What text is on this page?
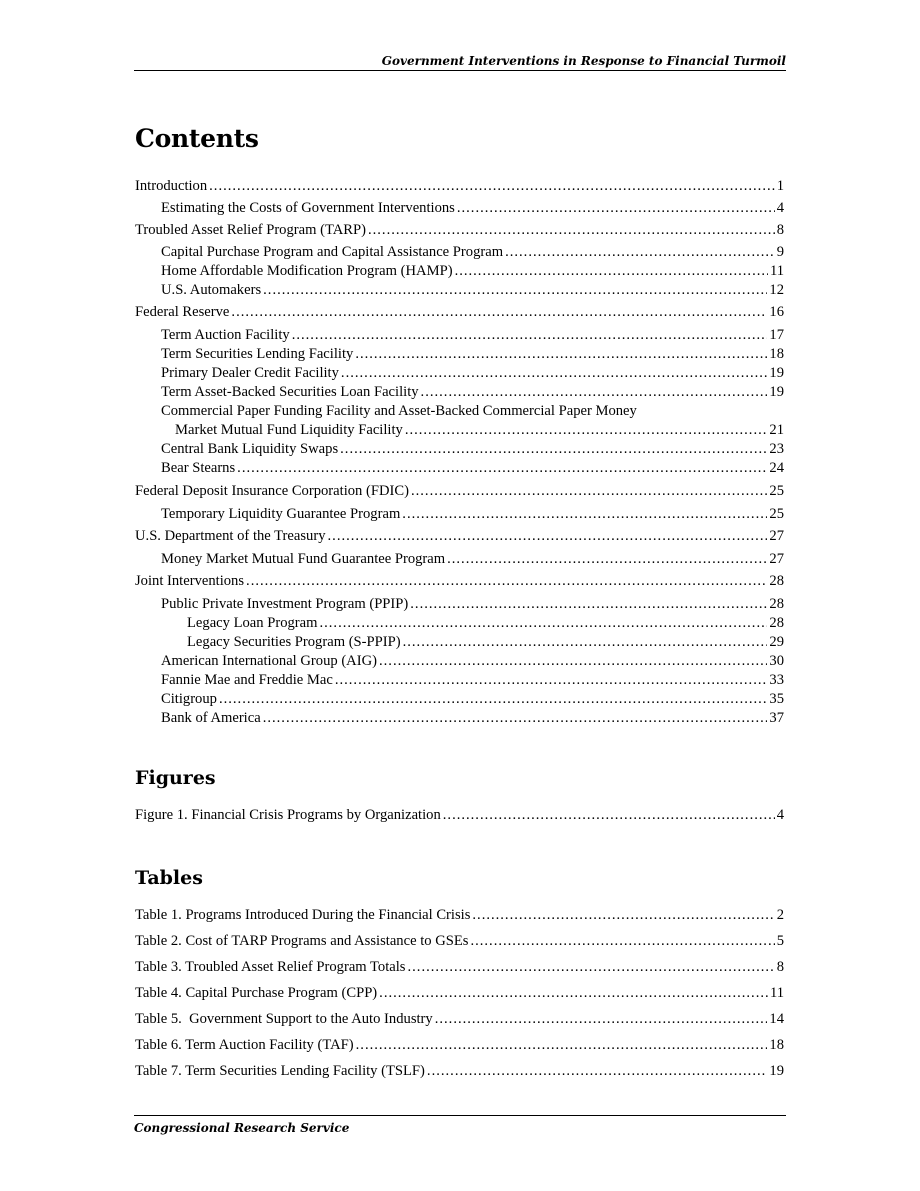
Government Interventions in Response to Financial Turmoil
Contents
Introduction .....	1
Estimating the Costs of Government Interventions .....	4
Troubled Asset Relief Program (TARP) .....	8
Capital Purchase Program and Capital Assistance Program .....	9
Home Affordable Modification Program (HAMP) .....	11
U.S. Automakers .....	12
Federal Reserve .....	16
Term Auction Facility .....	17
Term Securities Lending Facility .....	18
Primary Dealer Credit Facility .....	19
Term Asset-Backed Securities Loan Facility .....	19
Commercial Paper Funding Facility and Asset-Backed Commercial Paper Money
Market Mutual Fund Liquidity Facility .....	21
Central Bank Liquidity Swaps .....	23
Bear Stearns .....	24
Federal Deposit Insurance Corporation (FDIC) .....	25
Temporary Liquidity Guarantee Program .....	25
U.S. Department of the Treasury .....	27
Money Market Mutual Fund Guarantee Program .....	27
Joint Interventions .....	28
Public Private Investment Program (PPIP) .....	28
Legacy Loan Program .....	28
Legacy Securities Program (S-PPIP) .....	29
American International Group (AIG) .....	30
Fannie Mae and Freddie Mac .....	33
Citigroup .....	35
Bank of America .....	37
Figures
Figure 1. Financial Crisis Programs by Organization .....	4
Tables
Table 1. Programs Introduced During the Financial Crisis .....	2
Table 2. Cost of TARP Programs and Assistance to GSEs .....	5
Table 3. Troubled Asset Relief Program Totals .....	8
Table 4. Capital Purchase Program (CPP) .....	11
Table 5.  Government Support to the Auto Industry .....	14
Table 6. Term Auction Facility (TAF) .....	18
Table 7. Term Securities Lending Facility (TSLF) .....	19
Congressional Research Service
